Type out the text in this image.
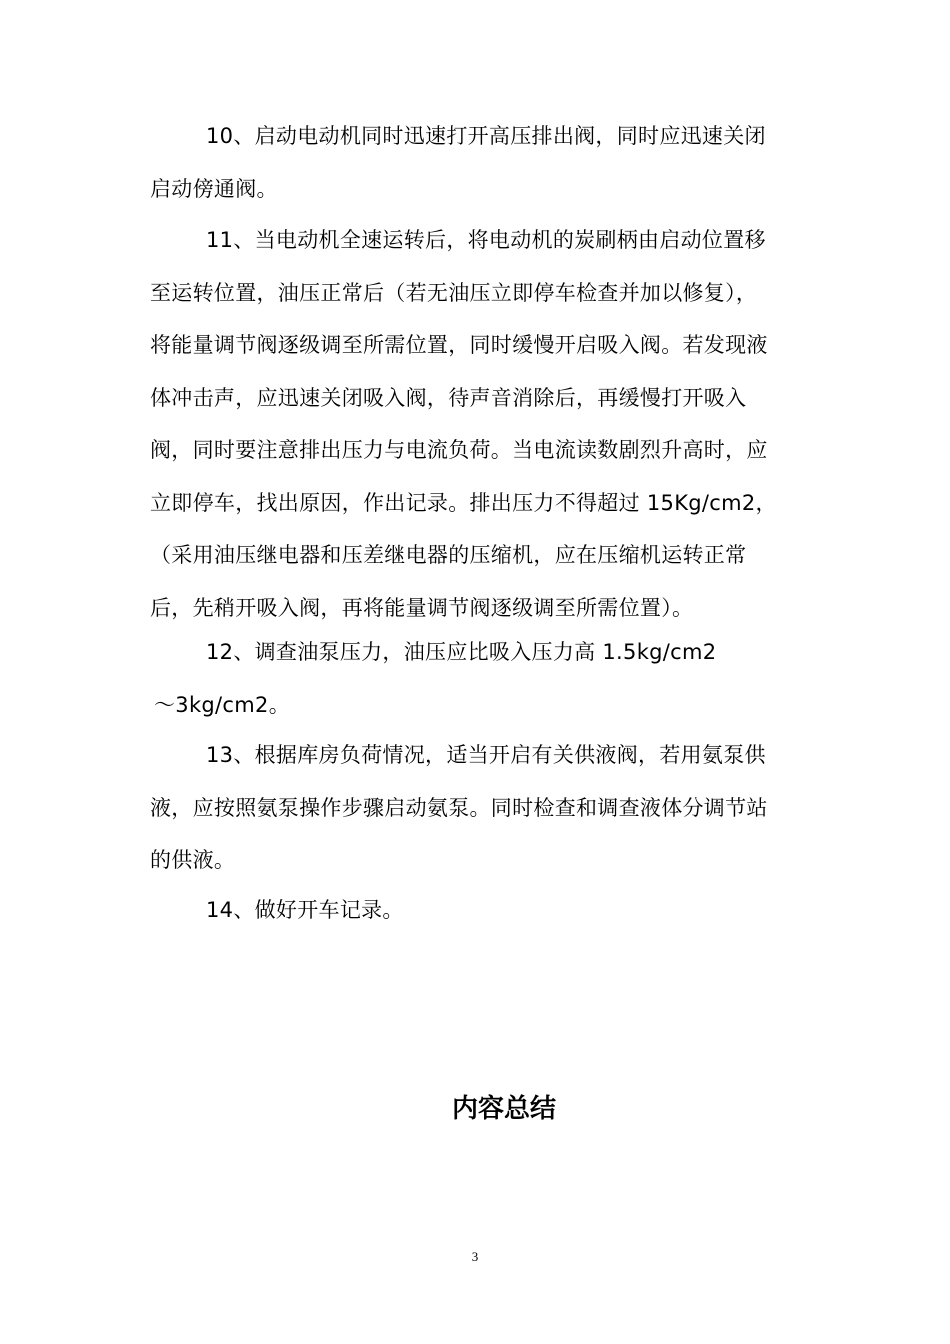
10、启动电动机同时迅速打开高压排出阀，同时应迅速关闭
启动傍通阀。
11、当电动机全速运转后，将电动机的炭刷柄由启动位置移
至运转位置，油压正常后（若无油压立即停车检查并加以修复），
将能量调节阀逐级调至所需位置，同时缓慢开启吸入阀。若发现液
体冲击声，应迅速关闭吸入阀，待声音消除后，再缓慢打开吸入
阀，同时要注意排出压力与电流负荷。当电流读数剧烈升高时，应
立即停车，找出原因，作出记录。排出压力不得超过 15Kg/cm2，
（采用油压继电器和压差继电器的压缩机，应在压缩机运转正常
后，先稍开吸入阀，再将能量调节阀逐级调至所需位置）。
12、调查油泵压力，油压应比吸入压力高 1.5kg/cm2
～3kg/cm2。
13、根据库房负荷情况，适当开启有关供液阀，若用氨泵供
液，应按照氨泵操作步骤启动氨泵。同时检查和调查液体分调节站
的供液。
14、做好开车记录。
内容总结
3
